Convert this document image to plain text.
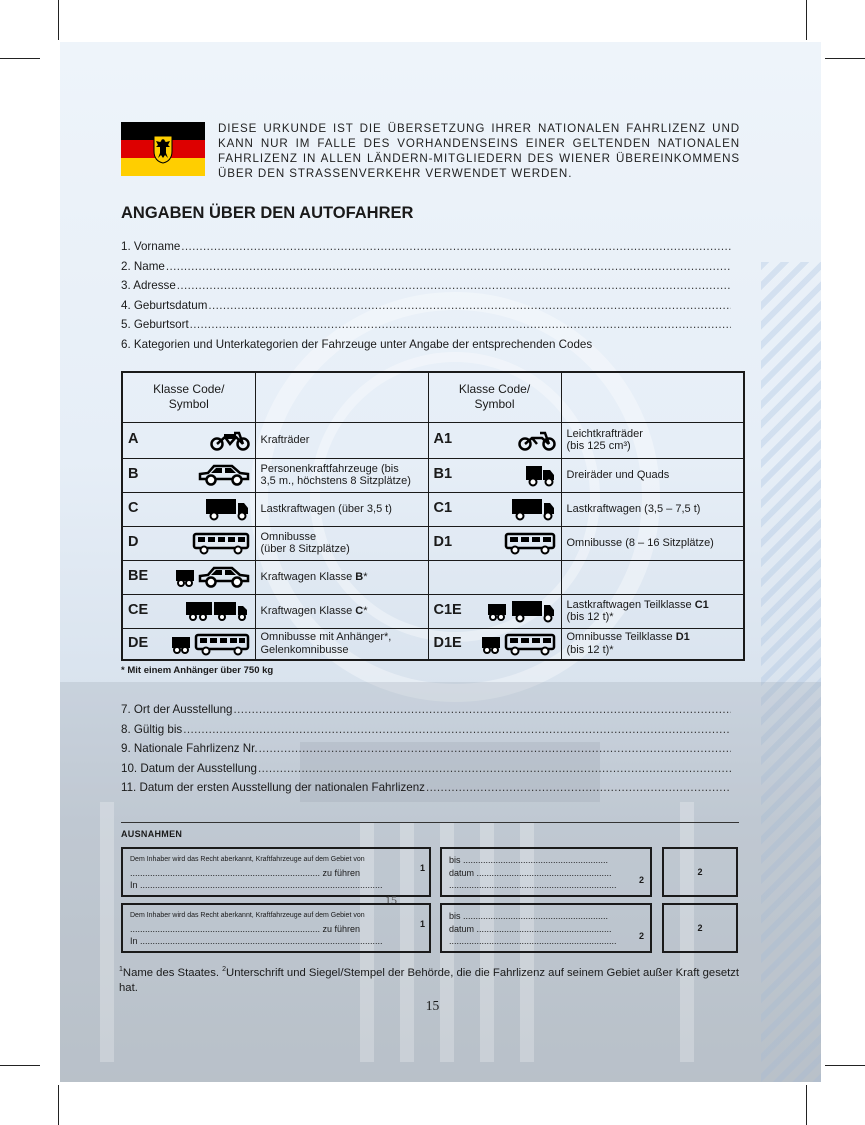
DIESE URKUNDE IST DIE ÜBERSETZUNG IHRER NATIONALEN FAHRLIZENZ UND KANN NUR IM FALLE DES VORHANDENSEINS EINER GELTENDEN NATIONALEN FAHRLIZENZ IN ALLEN LÄNDERN-MITGLIEDERN DES WIENER ÜBEREINKOMMENS ÜBER DEN STRASSENVERKEHR VERWENDET WERDEN.
ANGABEN ÜBER DEN AUTOFAHRER
1. Vorname
.....
2. Name
.....
3. Adresse
.....
4. Geburtsdatum
.....
5. Geburtsort
.....
6. Kategorien und Unterkategorien der Fahrzeuge unter Angabe der entsprechenden Codes
Klasse Code/
Symbol		Klasse Code/
Symbol	
A	Krafträder	A1	Leichtkrafträder
(bis 125 cm³)
B	Personenkraftfahrzeuge (bis
3,5 m., höchstens 8 Sitzplätze)	B1	Dreiräder und Quads
C	Lastkraftwagen (über 3,5 t)	C1	Lastkraftwagen (3,5 – 7,5 t)
D	Omnibusse
(über 8 Sitzplätze)	D1	Omnibusse (8 – 16 Sitzplätze)
BE	Kraftwagen Klasse B*		
CE	Kraftwagen Klasse C*	C1E	Lastkraftwagen Teilklasse C1
(bis 12 t)*
DE	Omnibusse mit Anhänger*,
Gelenkomnibusse	D1E	Omnibusse Teilklasse D1
(bis 12 t)*
* Mit einem Anhänger über 750 kg
7. Ort der Ausstellung
.....
8. Gültig bis
.....
9. Nationale Fahrlizenz Nr.
.....
10. Datum der Ausstellung
.....
11. Datum der ersten Ausstellung der nationalen Fahrlizenz
.....
AUSNAHMEN
Dem Inhaber wird das Recht aberkannt, Kraftfahrzeuge auf dem Gebiet von
............................................................................ zu führen
In .................................................................................................
1
bis ..........................................................
datum ......................................................
...................................................................	2
2
15
Dem Inhaber wird das Recht aberkannt, Kraftfahrzeuge auf dem Gebiet von
............................................................................ zu führen
In .................................................................................................
1
bis ..........................................................
datum ......................................................
...................................................................	2
2
$^1$Name des Staates. $^2$Unterschrift und Siegel/Stempel der Behörde, die die Fahrlizenz auf seinem Gebiet außer Kraft gesetzt hat.
15
